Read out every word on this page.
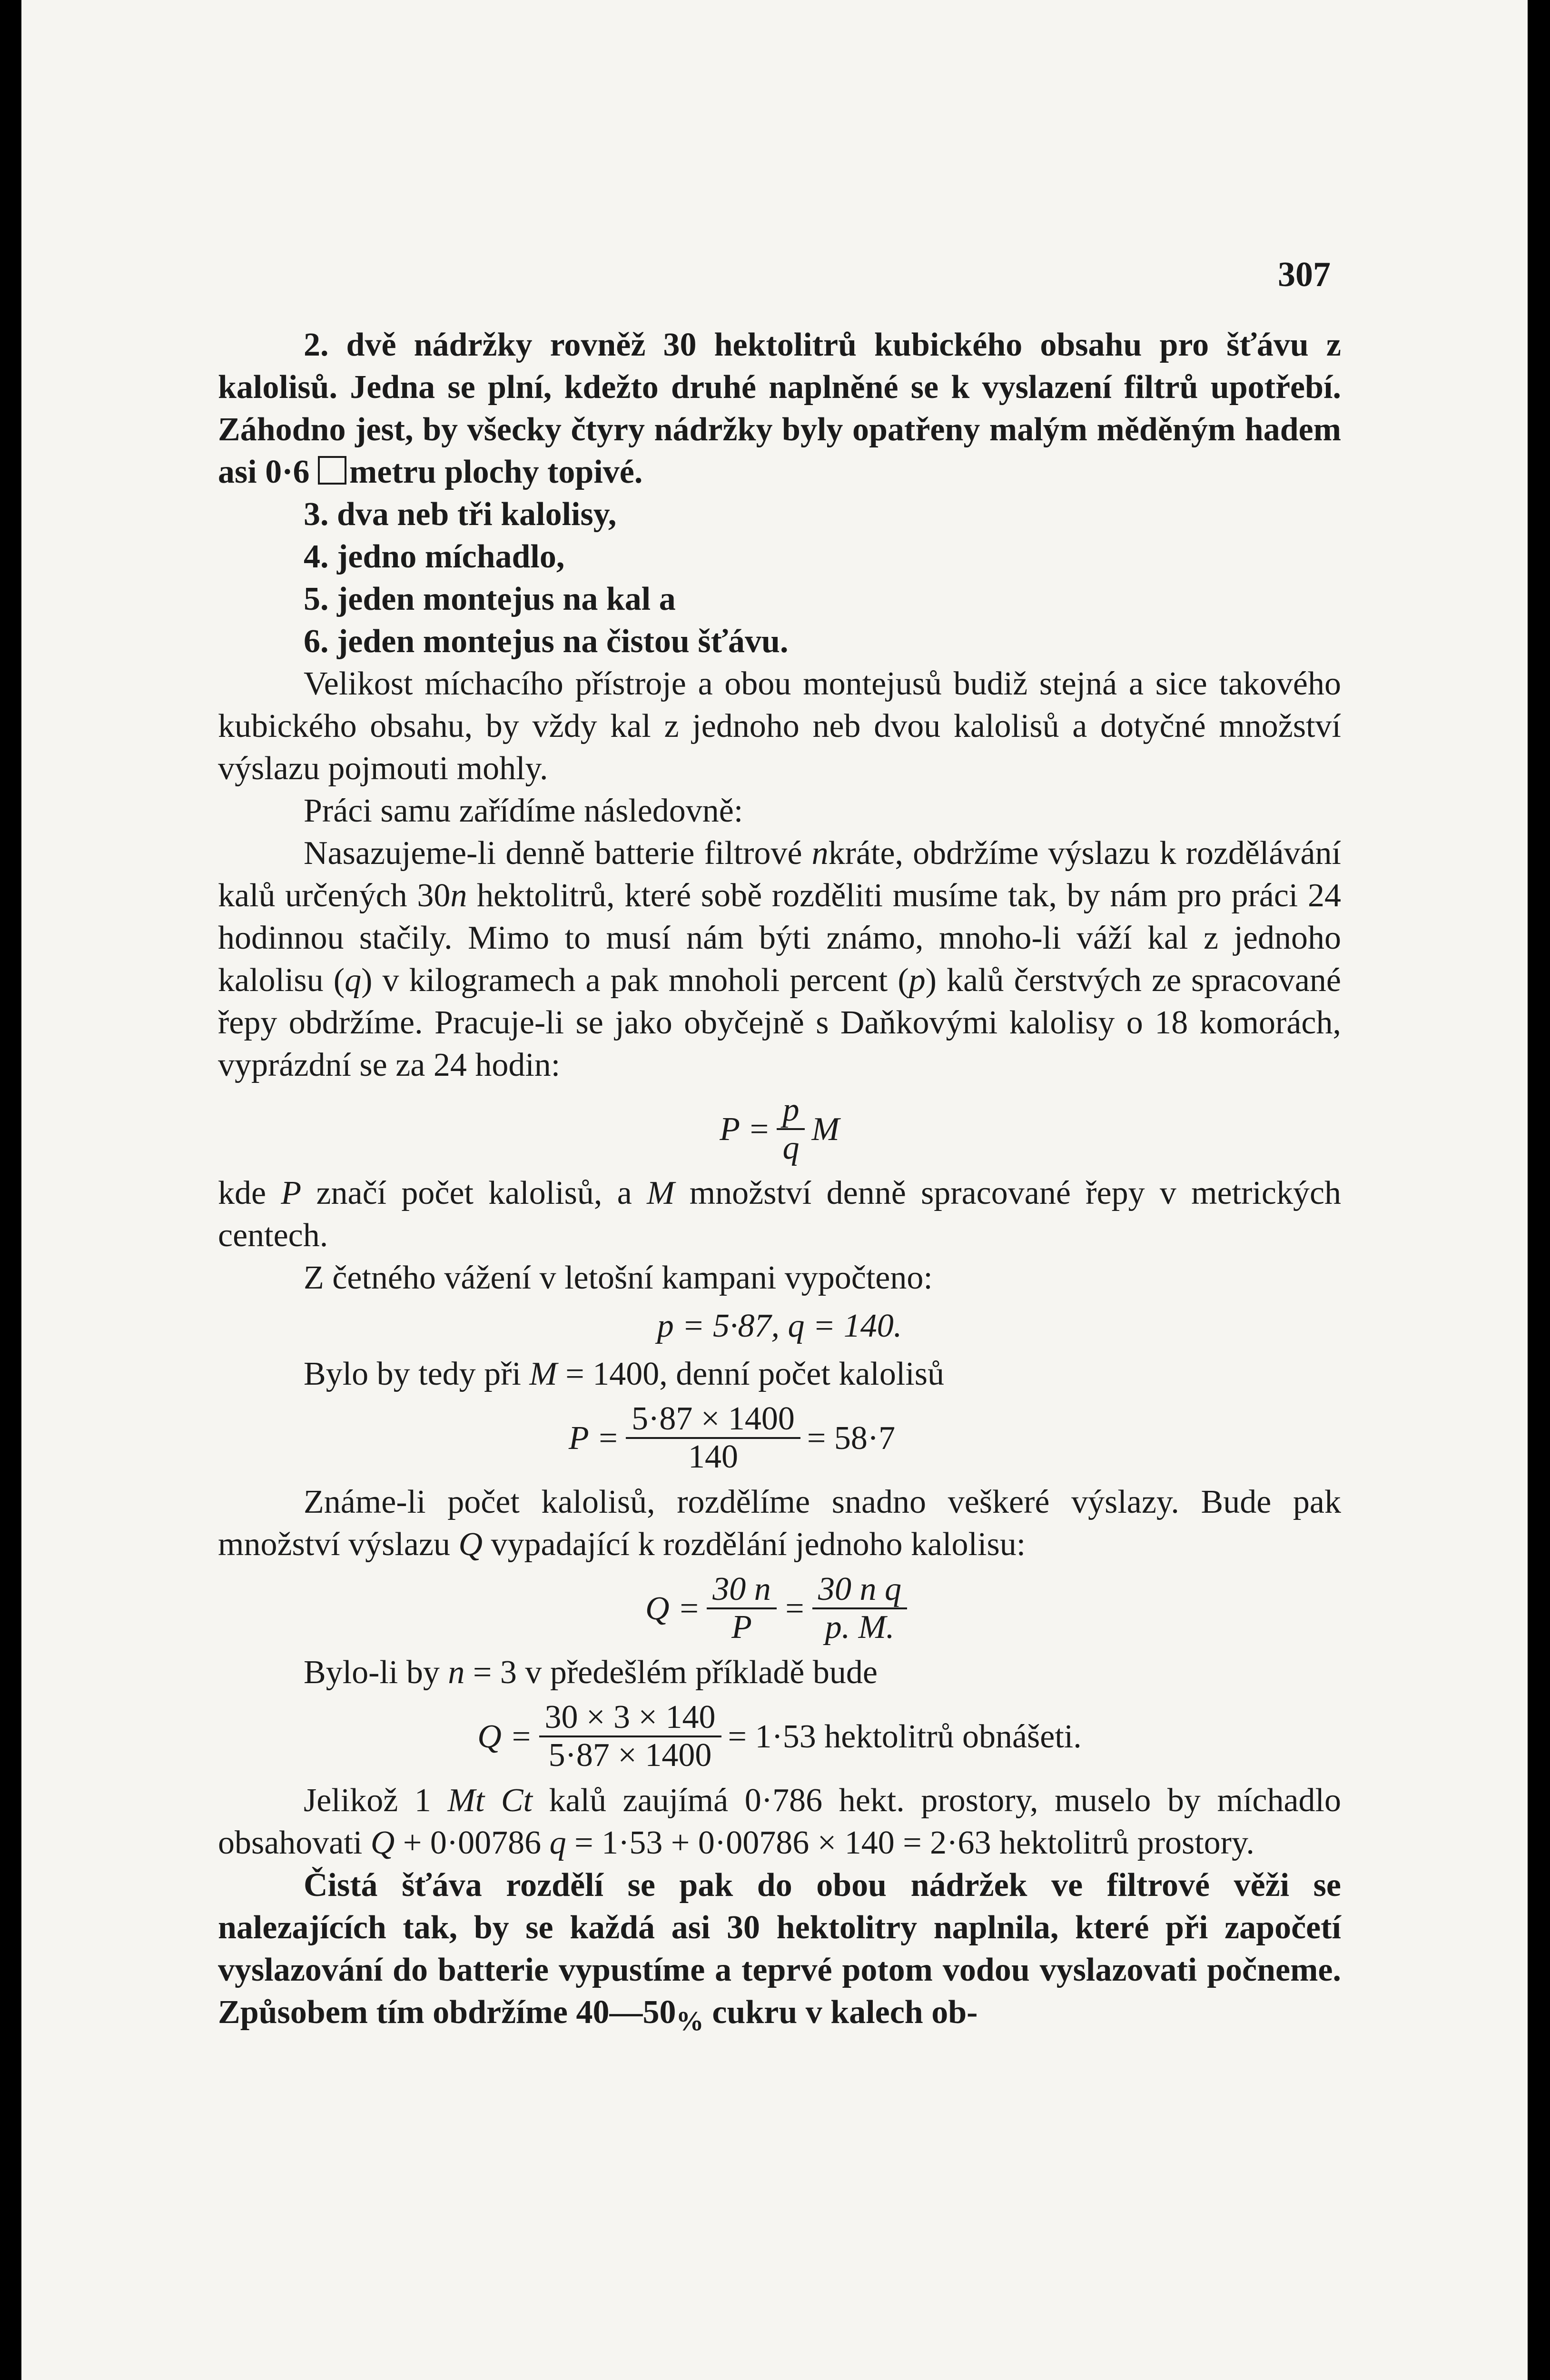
307

2. dvě nádržky rovněž 30 hektolitrů kubického obsahu pro šťávu z kalolisů. Jedna se plní, kdežto druhé naplněné se k vyslazení filtrů upotřebí. Záhodno jest, by všecky čtyry nádržky byly opatřeny malým měděným hadem asi 0·6 metru plochy topivé.

3. dva neb tři kalolisy,

4. jedno míchadlo,

5. jeden montejus na kal a

6. jeden montejus na čistou šťávu.

Velikost míchacího přístroje a obou montejusů budiž stejná a sice takového kubického obsahu, by vždy kal z jednoho neb dvou kalolisů a dotyčné množství výslazu pojmouti mohly.

Práci samu zařídíme následovně:

Nasazujeme-li denně batterie filtrové nkráte, obdržíme výslazu k rozdělávání kalů určených 30n hektolitrů, které sobě rozděliti musíme tak, by nám pro práci 24 hodinnou stačily. Mimo to musí nám býti známo, mnoho-li váží kal z jednoho kalolisu (q) v kilogramech a pak mnoholi percent (p) kalů čerstvých ze spracované řepy obdržíme. Pracuje-li se jako obyčejně s Daňkovými kalolisy o 18 komorách, vyprázdní se za 24 hodin:

$P = \frac{p}{q}$ M

kde P značí počet kalolisů, a M množství denně spracované řepy v metrických centech.

Z četného vážení v letošní kampani vypočteno:

p = 5·87, q = 140.

Bylo by tedy při M = 1400, denní počet kalolisů

$P = \frac{5\cdot 87 \times 1400}{140} = 58\cdot 7$

Známe-li počet kalolisů, rozdělíme snadno veškeré výslazy. Bude pak množství výslazu Q vypadající k rozdělání jednoho kalolisu:

$Q = \frac{30 n}{P} = \frac{\text{30 n q}}{p. M.}$

Bylo-li by n = 3 v předešlém příkladě bude

$Q = \frac{30 \times 3 \times 140}{5\cdot 87 \times 1400} = 1\cdot 53$ hektolitrů obnášeti.

Jelikož 1 Mt Ct kalů zaujímá 0·786 hekt. prostory, muselo by míchadlo obsahovati Q + 0·00786 q = 1·53 + 0·00786 × 140 = 2·63 hektolitrů prostory.

Čistá šťáva rozdělí se pak do obou nádržek ve filtrové věži se nalezajících tak, by se každá asi 30 hektolitry naplnila, které při započetí vyslazování do batterie vypustíme a teprvé potom vodou vyslazovati počneme. Způsobem tím obdržíme $40—50_{\%}$ cukru v kalech ob-
